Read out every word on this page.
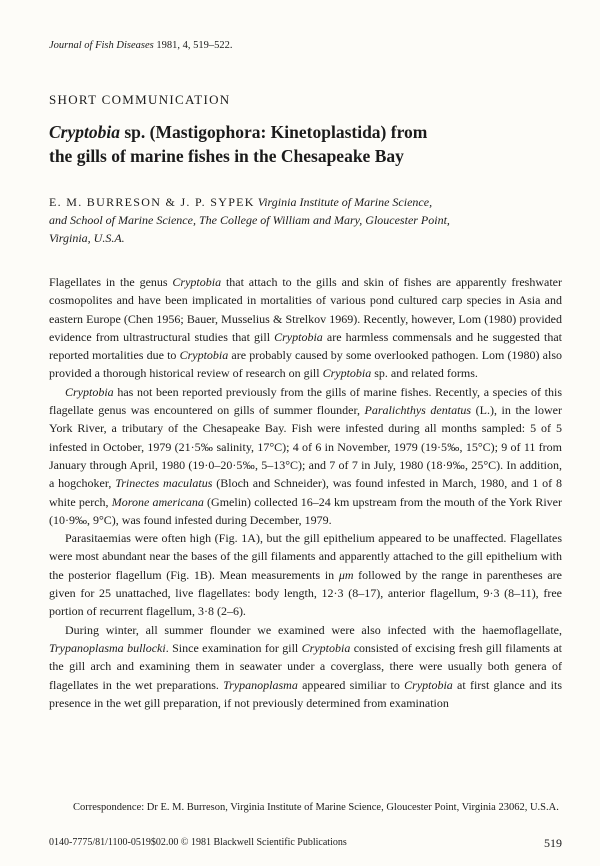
Journal of Fish Diseases 1981, 4, 519–522.
SHORT COMMUNICATION
Cryptobia sp. (Mastigophora: Kinetoplastida) from
the gills of marine fishes in the Chesapeake Bay
E. M. BURRESON & J. P. SYPEK Virginia Institute of Marine Science,
and School of Marine Science, The College of William and Mary, Gloucester Point,
Virginia, U.S.A.

Flagellates in the genus Cryptobia that attach to the gills and skin of fishes are apparently freshwater cosmopolites and have been implicated in mortalities of various pond cultured carp species in Asia and eastern Europe (Chen 1956; Bauer, Musselius & Strelkov 1969). Recently, however, Lom (1980) provided evidence from ultrastructural studies that gill Cryptobia are harmless commensals and he suggested that reported mortalities due to Cryptobia are probably caused by some overlooked pathogen. Lom (1980) also provided a thorough historical review of research on gill Cryptobia sp. and related forms.

Cryptobia has not been reported previously from the gills of marine fishes. Recently, a species of this flagellate genus was encountered on gills of summer flounder, Paralichthys dentatus (L.), in the lower York River, a tributary of the Chesapeake Bay. Fish were infested during all months sampled: 5 of 5 infested in October, 1979 (21·5‰ salinity, 17°C); 4 of 6 in November, 1979 (19·5‰, 15°C); 9 of 11 from January through April, 1980 (19·0–20·5‰, 5–13°C); and 7 of 7 in July, 1980 (18·9‰, 25°C). In addition, a hogchoker, Trinectes maculatus (Bloch and Schneider), was found infested in March, 1980, and 1 of 8 white perch, Morone americana (Gmelin) collected 16–24 km upstream from the mouth of the York River (10·9‰, 9°C), was found infested during December, 1979.

Parasitaemias were often high (Fig. 1A), but the gill epithelium appeared to be unaffected. Flagellates were most abundant near the bases of the gill filaments and apparently attached to the gill epithelium with the posterior flagellum (Fig. 1B). Mean measurements in μm followed by the range in parentheses are given for 25 unattached, live flagellates: body length, 12·3 (8–17), anterior flagellum, 9·3 (8–11), free portion of recurrent flagellum, 3·8 (2–6).

During winter, all summer flounder we examined were also infected with the haemoflagellate, Trypanoplasma bullocki. Since examination for gill Cryptobia consisted of excising fresh gill filaments at the gill arch and examining them in seawater under a coverglass, there were usually both genera of flagellates in the wet preparations. Trypanoplasma appeared similiar to Cryptobia at first glance and its presence in the wet gill preparation, if not previously determined from examination

Correspondence: Dr E. M. Burreson, Virginia Institute of Marine Science, Gloucester Point, Virginia 23062, U.S.A.
0140-7775/81/1100-0519$02.00 © 1981 Blackwell Scientific Publications	519
